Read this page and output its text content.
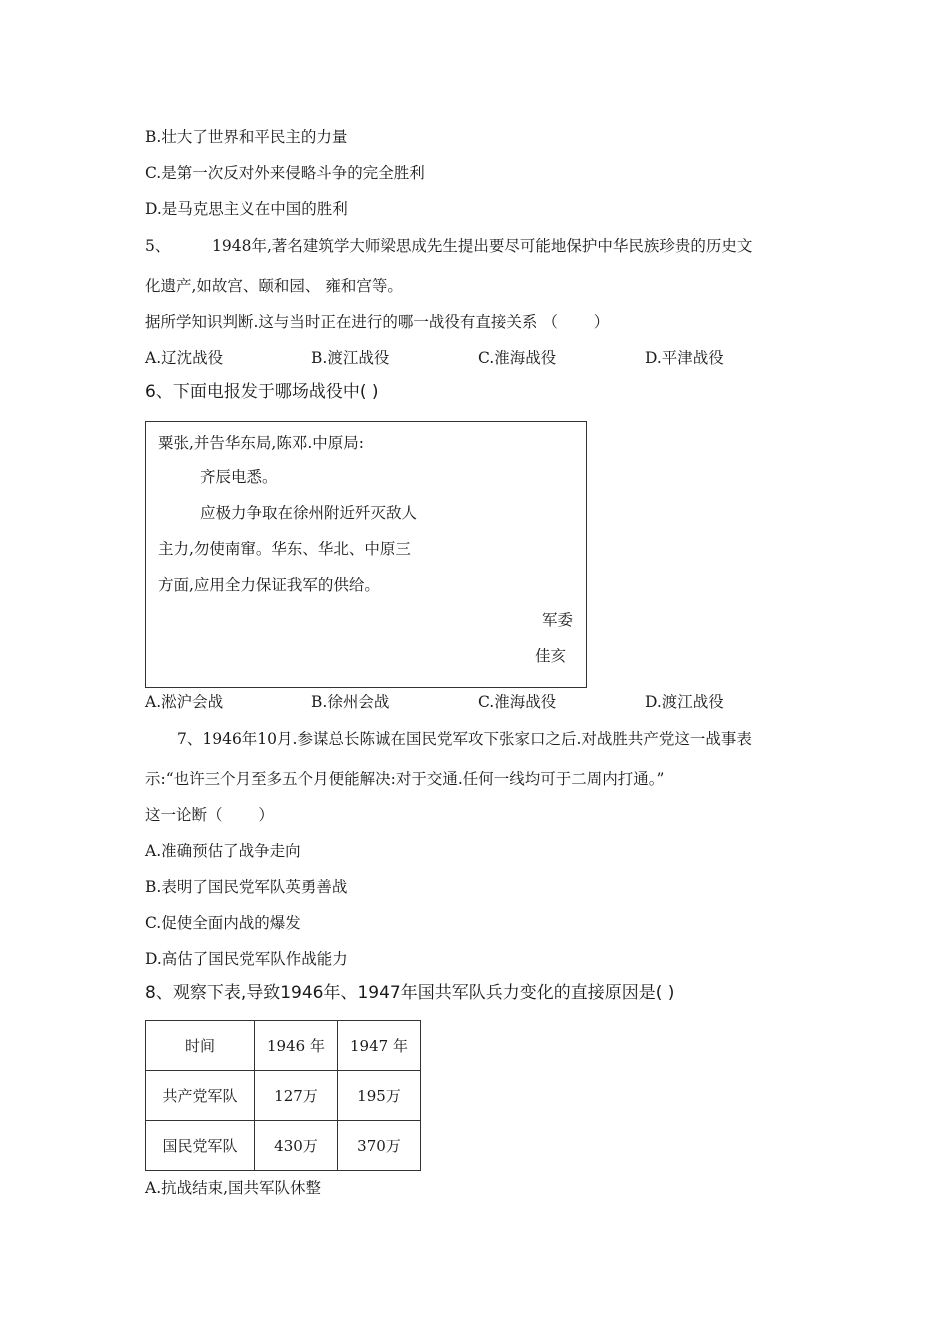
B.壮大了世界和平民主的力量
C.是第一次反对外来侵略斗争的完全胜利
D.是马克思主义在中国的胜利
5、	1948年,著名建筑学大师梁思成先生提出要尽可能地保护中华民族珍贵的历史文
化遗产,如故宫、颐和园、 雍和宫等。
据所学知识判断.这与当时正在进行的哪一战役有直接关系 （　　 ）
A.辽沈战役	B.渡江战役	C.淮海战役	D.平津战役
6、下面电报发于哪场战役中( )
粟张,并告华东局,陈邓.中原局:
齐辰电悉。
应极力争取在徐州附近歼灭敌人
主力,勿使南窜。华东、华北、中原三
方面,应用全力保证我军的供给。
军委
佳亥
A.淞沪会战	B.徐州会战	C.淮海战役	D.渡江战役
7、1946年10月.参谋总长陈诚在国民党军攻下张家口之后.对战胜共产党这一战事表
示:“也许三个月至多五个月便能解决:对于交通.任何一线均可于二周内打通。”
这一论断（　　 ）
A.准确预估了战争走向
B.表明了国民党军队英勇善战
C.促使全面内战的爆发
D.高估了国民党军队作战能力
8、观察下表,导致1946年、1947年国共军队兵力变化的直接原因是( )
时间	1946 年	1947 年
共产党军队	127万	195万
国民党军队	430万	370万
A.抗战结束,国共军队休整
